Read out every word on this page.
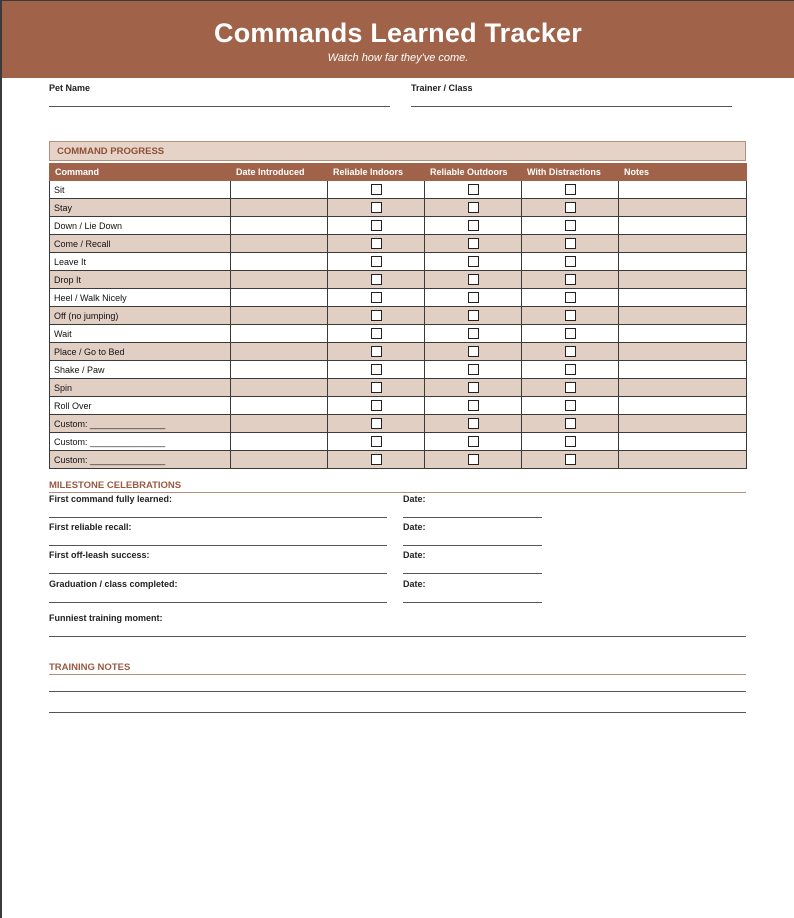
Commands Learned Tracker
Watch how far they've come.
Pet Name	Trainer / Class
COMMAND PROGRESS
Command	Date Introduced	Reliable Indoors	Reliable Outdoors	With Distractions	Notes
Sit					
Stay					
Down / Lie Down					
Come / Recall					
Leave It					
Drop It					
Heel / Walk Nicely					
Off (no jumping)					
Wait					
Place / Go to Bed					
Shake / Paw					
Spin					
Roll Over					
Custom: _______________					
Custom: _______________					
Custom: _______________					
MILESTONE CELEBRATIONS
First command fully learned:	Date:
First reliable recall:	Date:
First off-leash success:	Date:
Graduation / class completed:	Date:
Funniest training moment:
TRAINING NOTES
